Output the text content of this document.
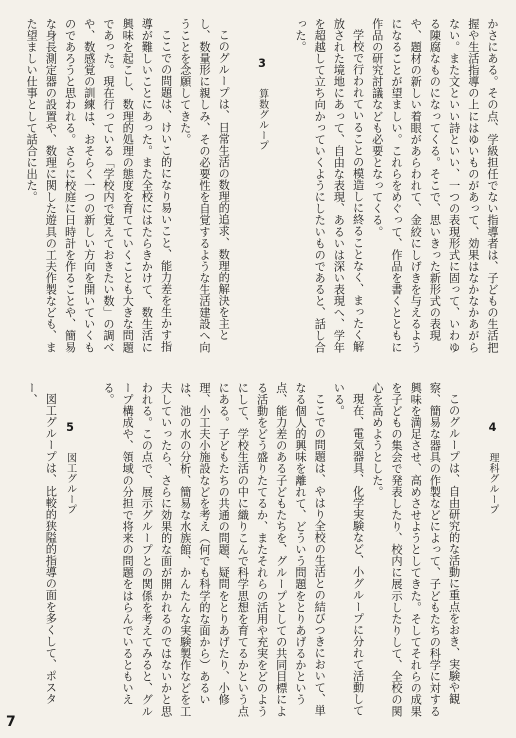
かさにある。その点、学級担任でない指導者は、子どもの生活把握や生活指導の上にはゆいものがあって、効果はなかなかあがらない。また文といい詩といい、一つの表現形式に固って、いわゆる陳腐なものになってくる。そこで、思いきった新形式の表現や、題材の新しい着眼があらわれて、金絞にしげきを与えるようになることが望ましい。これらをめぐって、作品を書くとともに作品の研究討議なども必要となってくる。

学校で行われていることの模造しに終ることなく、まったく解放された境地にあって、自由な表現、あるいは深い表現へ、学年を超越して立ち向かっていくようにしたいものであると、話し合った。

3　算数グループ

このグループは、日常生活の数理的追求、数理的解決を主とし、数量形に親しみ、その必要性を自覚するような生活建設へ向うことを念願してきた。

ここでの問題は、けいこ的になり易いこと、能力差を生かす指導が難しいことにあった。また全校にはたらきかけて、数生活に興味を起こし、数理的処理の態度を育てていくことも大きな問題であった。現在行っている「学校内で覚えておきたい数」の調べや、数感覚の訓練は、おそらく一つの新しい方向を開いていくものであろうと思われる。さらに校庭に日時計を作ることや、簡易な身長測定器の設置や、数理に関した遊具の工夫作製なども、また望ましい仕事として話合に出た。

4　理科グループ

このグループは、自由研究的な活動に重点をおき、実験や観察、簡易な器具の作製などによって、子どもたちの科学に対する興味を満足させ、高めさせようとしてきた。そしてそれらの成果を子どもの集会で発表したり、校内に展示したりして、全校の関心を高めようとした。

現在、電気器具、化学実験など、小グループに分れて活動している。

ここでの問題は、やはり全校の生活との結びつきにおいて、単なる個人的興味を離れて、どういう問題をとりあげるかという点、能力差のある子どもたちを、グループとしての共同目標による活動をどう盛りたてるか、またそれらの活用や充実をどのようにして、学校生活の中に織りこんで科学思想を育てるかという点にある。子どもたちの共通の問題、疑問をとりあげたり、小修理、小工夫小施設などを考え（何でも科学的な面から）あるいは、池の水の分析、簡易な水族館、かんたんな実験製作などを工夫していったら、さらに効果的な面が開かれるのではないかと思われる。この点で、展示グループとの関係を考えてみると、グループ構成や、領域の分担で将来の問題をはらんでいるともいえる。

5　図工グループ

図工グループは、比較的狭隘的指導の面を多くして、ポスター、

7
